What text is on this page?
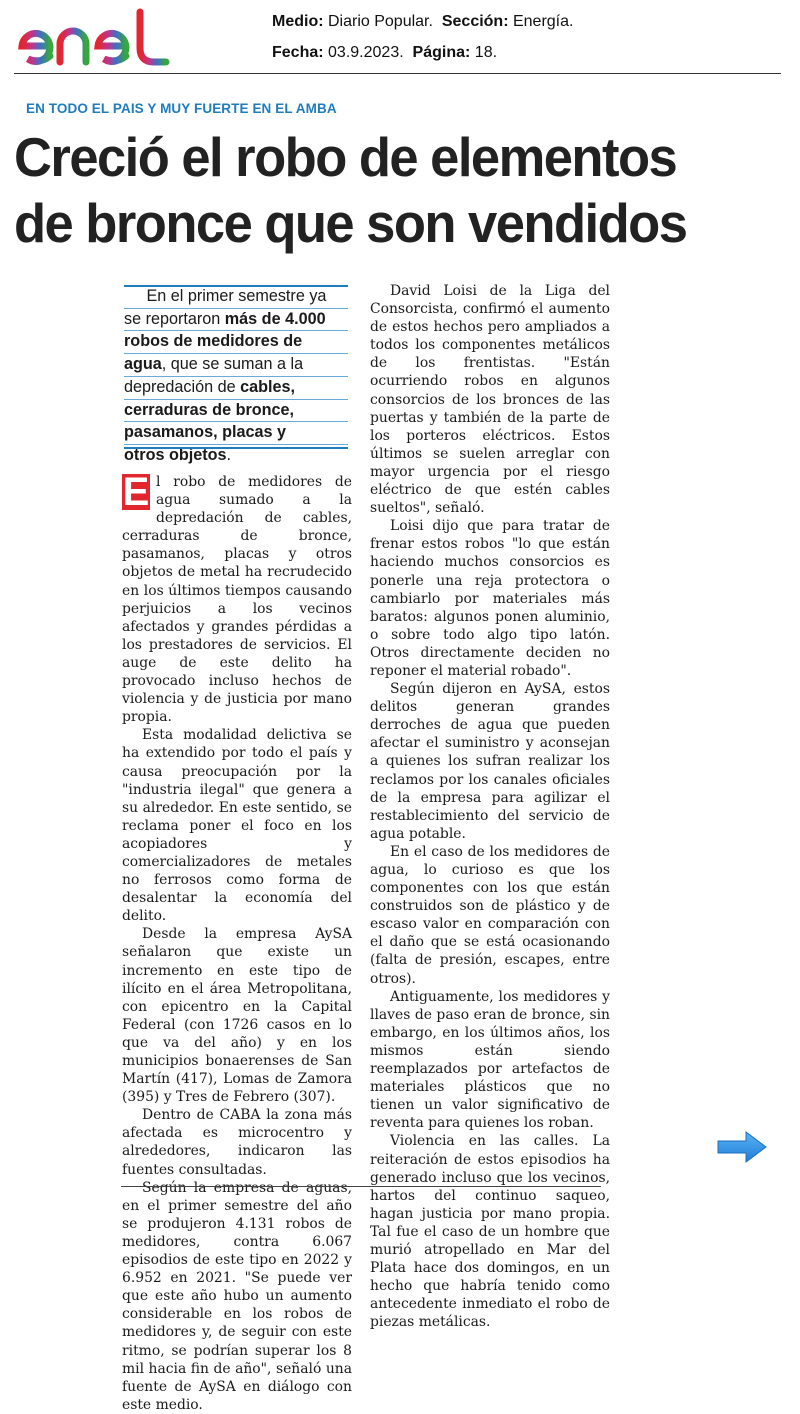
Medio: Diario Popular. Sección: Energía.
Fecha: 03.9.2023. Página: 18.
EN TODO EL PAIS Y MUY FUERTE EN EL AMBA
Creció el robo de elementos
de bronce que son vendidos
En el primer semestre ya
se reportaron más de 4.000
robos de medidores de
agua, que se suman a la
depredación de cables,
cerraduras de bronce,
pasamanos, placas y
otros objetos.

E l robo de medidores de agua sumado a la depredación de cables, cerraduras de bronce, pasamanos, placas y otros objetos de metal ha recrudecido en los últimos tiempos causando perjuicios a los vecinos afectados y grandes pérdidas a los prestadores de servicios. El auge de este delito ha provocado incluso hechos de violencia y de justicia por mano propia.

Esta modalidad delictiva se ha extendido por todo el país y causa preocupación por la "industria ilegal" que genera a su alrededor. En este sentido, se reclama poner el foco en los acopiadores y comercializadores de metales no ferrosos como forma de desalentar la economía del delito.

Desde la empresa AySA señalaron que existe un incremento en este tipo de ilícito en el área Metropolitana, con epicentro en la Capital Federal (con 1726 casos en lo que va del año) y en los municipios bonaerenses de San Martín (417), Lomas de Zamora (395) y Tres de Febrero (307).

Dentro de CABA la zona más afectada es microcentro y alrededores, indicaron las fuentes consultadas.

Según la empresa de aguas, en el primer semestre del año se produjeron 4.131 robos de medidores, contra 6.067 episodios de este tipo en 2022 y 6.952 en 2021. "Se puede ver que este año hubo un aumento considerable en los robos de medidores y, de seguir con este ritmo, se podrían superar los 8 mil hacia fin de año", señaló una fuente de AySA en diálogo con este medio.

David Loisi de la Liga del Consorcista, confirmó el aumento de estos hechos pero ampliados a todos los componentes metálicos de los frentistas. "Están ocurriendo robos en algunos consorcios de los bronces de las puertas y también de la parte de los porteros eléctricos. Estos últimos se suelen arreglar con mayor urgencia por el riesgo eléctrico de que estén cables sueltos", señaló.

Loisi dijo que para tratar de frenar estos robos "lo que están haciendo muchos consorcios es ponerle una reja protectora o cambiarlo por materiales más baratos: algunos ponen aluminio, o sobre todo algo tipo latón. Otros directamente deciden no reponer el material robado".

Según dijeron en AySA, estos delitos generan grandes derroches de agua que pueden afectar el suministro y aconsejan a quienes los sufran realizar los reclamos por los canales oficiales de la empresa para agilizar el restablecimiento del servicio de agua potable.

En el caso de los medidores de agua, lo curioso es que los componentes con los que están construidos son de plástico y de escaso valor en comparación con el daño que se está ocasionando (falta de presión, escapes, entre otros).

Antiguamente, los medidores y llaves de paso eran de bronce, sin embargo, en los últimos años, los mismos están siendo reemplazados por artefactos de materiales plásticos que no tienen un valor significativo de reventa para quienes los roban.

Violencia en las calles. La reiteración de estos episodios ha generado incluso que los vecinos, hartos del continuo saqueo, hagan justicia por mano propia. Tal fue el caso de un hombre que murió atropellado en Mar del Plata hace dos domingos, en un hecho que habría tenido como antecedente inmediato el robo de piezas metálicas.
